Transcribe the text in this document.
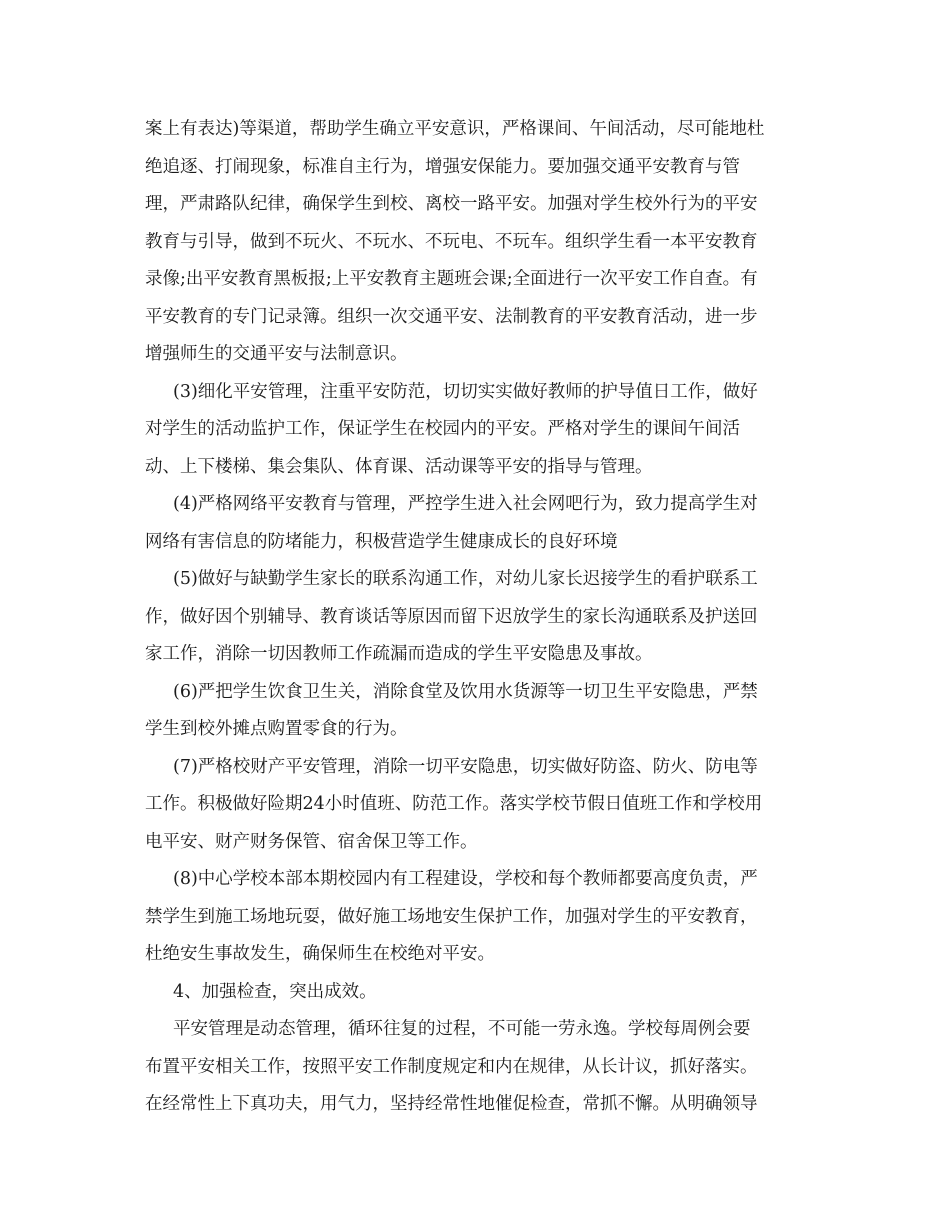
案上有表达)等渠道，帮助学生确立平安意识，严格课间、午间活动，尽可能地杜
绝追逐、打闹现象，标准自主行为，增强安保能力。要加强交通平安教育与管
理，严肃路队纪律，确保学生到校、离校一路平安。加强对学生校外行为的平安
教育与引导，做到不玩火、不玩水、不玩电、不玩车。组织学生看一本平安教育
录像;出平安教育黑板报;上平安教育主题班会课;全面进行一次平安工作自查。有
平安教育的专门记录簿。组织一次交通平安、法制教育的平安教育活动，进一步
增强师生的交通平安与法制意识。
(3)细化平安管理，注重平安防范，切切实实做好教师的护导值日工作，做好
对学生的活动监护工作，保证学生在校园内的平安。严格对学生的课间午间活
动、上下楼梯、集会集队、体育课、活动课等平安的指导与管理。
(4)严格网络平安教育与管理，严控学生进入社会网吧行为，致力提高学生对
网络有害信息的防堵能力，积极营造学生健康成长的良好环境
(5)做好与缺勤学生家长的联系沟通工作，对幼儿家长迟接学生的看护联系工
作，做好因个别辅导、教育谈话等原因而留下迟放学生的家长沟通联系及护送回
家工作，消除一切因教师工作疏漏而造成的学生平安隐患及事故。
(6)严把学生饮食卫生关，消除食堂及饮用水货源等一切卫生平安隐患，严禁
学生到校外摊点购置零食的行为。
(7)严格校财产平安管理，消除一切平安隐患，切实做好防盗、防火、防电等
工作。积极做好险期24小时值班、防范工作。落实学校节假日值班工作和学校用
电平安、财产财务保管、宿舍保卫等工作。
(8)中心学校本部本期校园内有工程建设，学校和每个教师都要高度负责，严
禁学生到施工场地玩耍，做好施工场地安生保护工作，加强对学生的平安教育，
杜绝安生事故发生，确保师生在校绝对平安。
4、加强检查，突出成效。
平安管理是动态管理，循环往复的过程，不可能一劳永逸。学校每周例会要
布置平安相关工作，按照平安工作制度规定和内在规律，从长计议，抓好落实。
在经常性上下真功夫，用气力，坚持经常性地催促检查，常抓不懈。从明确领导
